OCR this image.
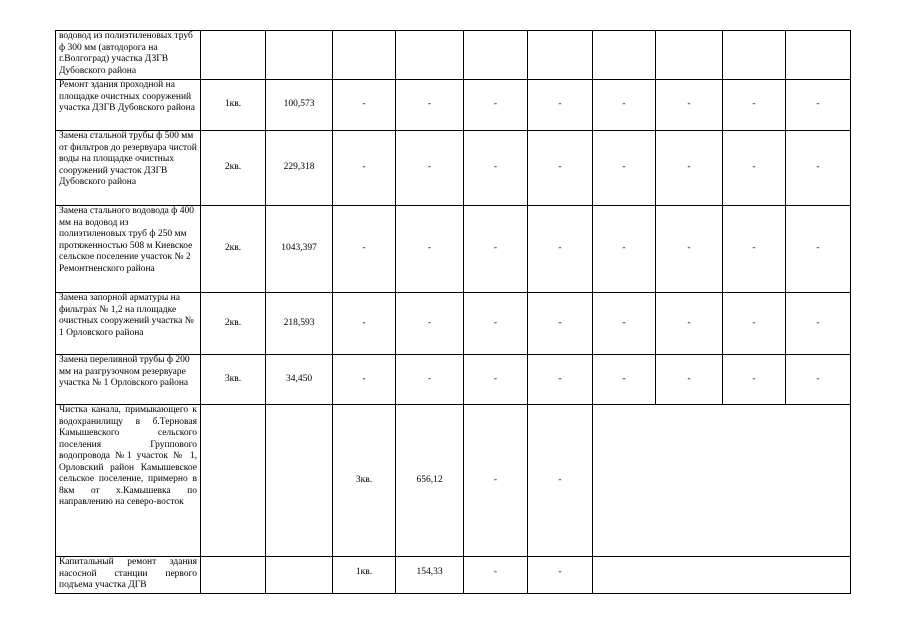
водовод из полиэтиленовых труб ф 300 мм (автодорога на г.Волгоград) участка ДЗГВ Дубовского района										
Ремонт здания проходной на площадке очистных сооружений участка ДЗГВ Дубовского района	1кв.	100,573	-	-	-	-	-	-	-	-
Замена стальной трубы ф 500 мм от фильтров до резервуара чистой воды на площадке очистных сооружений участок ДЗГВ Дубовского района	2кв.	229,318	-	-	-	-	-	-	-	-
Замена стального водовода ф 400 мм на водовод из полиэтиленовых труб ф 250 мм протяженностью 508 м Киевское сельское поселение участок № 2 Ремонтненского района	2кв.	1043,397	-	-	-	-	-	-	-	-
Замена запорной арматуры на фильтрах № 1,2 на площадке очистных сооружений участка № 1 Орловского района	2кв.	218,593	-	-	-	-	-	-	-	-
Замена переливной трубы ф 200 мм на разгрузочном резервуаре участка № 1 Орловского района	3кв.	34,450	-	-	-	-	-	-	-	-
Чистка канала, примыкающего к водохранилищу в б.Терновая Камышевского сельского поселения Группового водопровода №1 участок № 1, Орловский район Камышевское сельское поселение, примерно в 8км от х.Камышевка по направлению на северо-восток			3кв.	656,12	-	-				
Капитальный ремонт здания насосной станции первого подъема участка ДГВ			1кв.	154,33	-	-				
